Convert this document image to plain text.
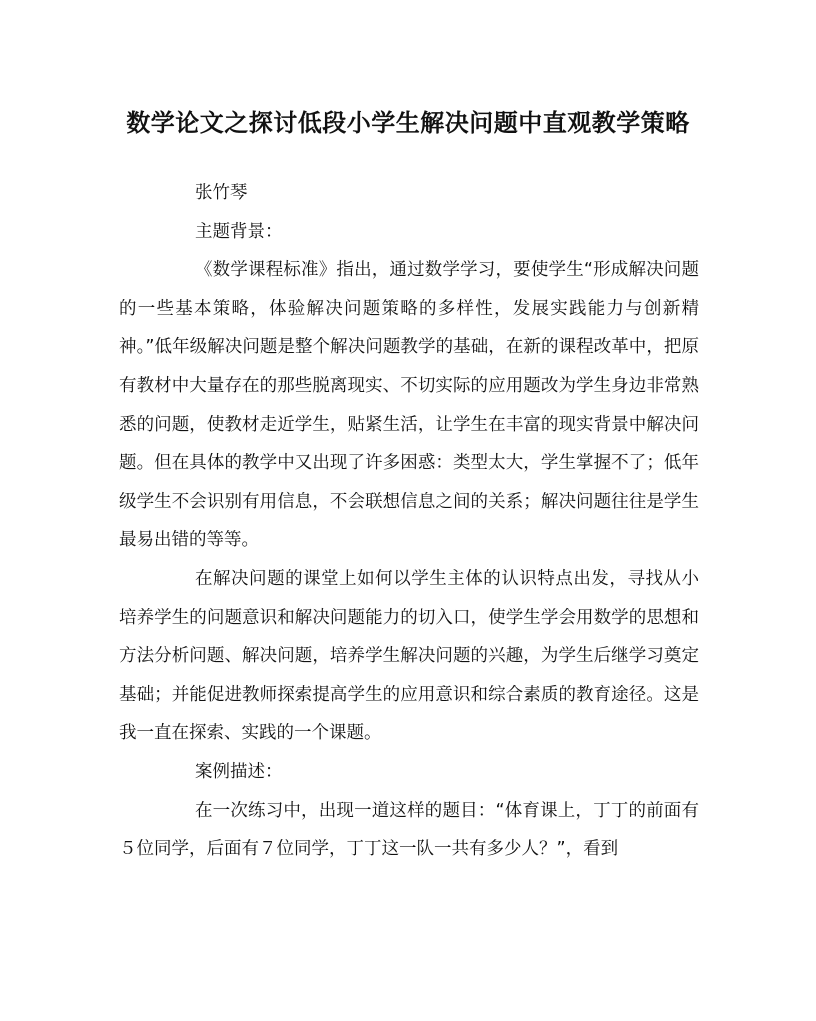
数学论文之探讨低段小学生解决问题中直观教学策略

张竹琴

主题背景：

《数学课程标准》指出，通过数学学习，要使学生“形成解决问题的一些基本策略，体验解决问题策略的多样性，发展实践能力与创新精神。”低年级解决问题是整个解决问题教学的基础，在新的课程改革中，把原有教材中大量存在的那些脱离现实、不切实际的应用题改为学生身边非常熟悉的问题，使教材走近学生，贴紧生活，让学生在丰富的现实背景中解决问题。但在具体的教学中又出现了许多困惑：类型太大，学生掌握不了；低年级学生不会识别有用信息，不会联想信息之间的关系；解决问题往往是学生最易出错的等等。

在解决问题的课堂上如何以学生主体的认识特点出发，寻找从小培养学生的问题意识和解决问题能力的切入口，使学生学会用数学的思想和方法分析问题、解决问题，培养学生解决问题的兴趣，为学生后继学习奠定基础；并能促进教师探索提高学生的应用意识和综合素质的教育途径。这是我一直在探索、实践的一个课题。

案例描述：

在一次练习中，出现一道这样的题目：“体育课上，丁丁的前面有５位同学，后面有７位同学，丁丁这一队一共有多少人？”，看到
